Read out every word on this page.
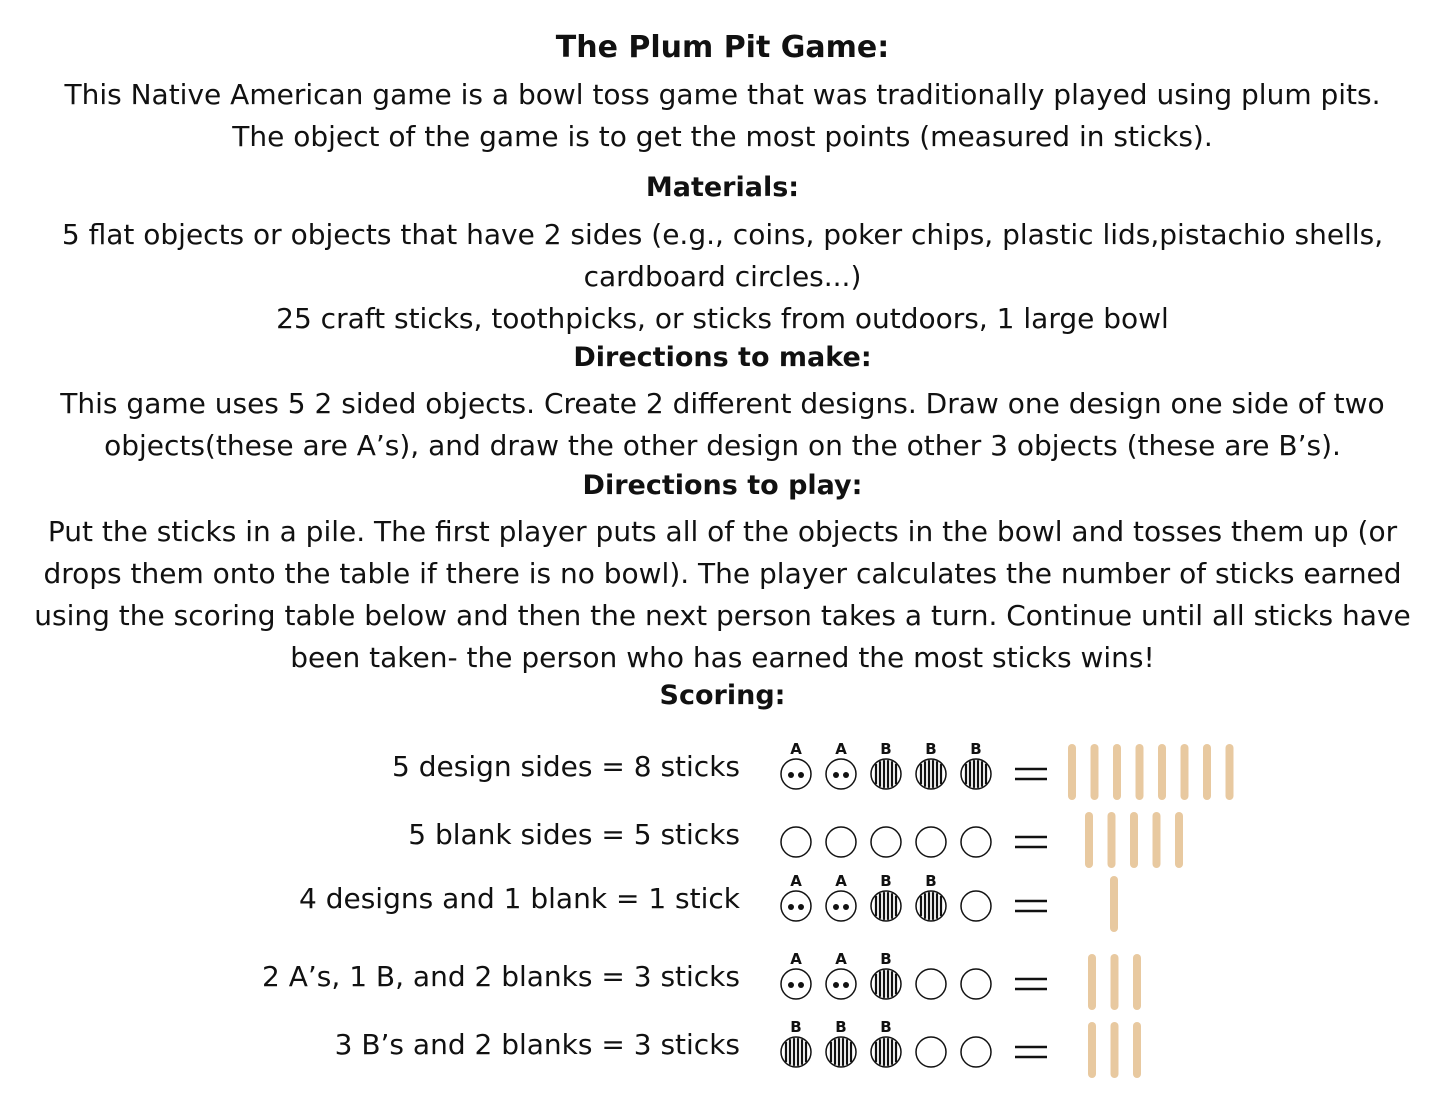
The Plum Pit Game:

This Native American game is a bowl toss game that was traditionally played using plum pits. The object of the game is to get the most points (measured in sticks).

Materials:

5 flat objects or objects that have 2 sides (e.g., coins, poker chips, plastic lids,pistachio shells, cardboard circles...)

25 craft sticks, toothpicks, or sticks from outdoors, 1 large bowl

Directions to make:

This game uses 5 2 sided objects. Create 2 different designs. Draw one design one side of two objects(these are A’s), and draw the other design on the other 3 objects (these are B’s).

Directions to play:

Put the sticks in a pile. The first player puts all of the objects in the bowl and tosses them up (or drops them onto the table if there is no bowl). The player calculates the number of sticks earned using the scoring table below and then the next person takes a turn. Continue until all sticks have been taken- the person who has earned the most sticks wins!

Scoring:
5 design sides = 8 sticks
A A B B B
5 blank sides = 5 sticks
4 designs and 1 blank = 1 stick
A A B B
2 A’s, 1 B, and 2 blanks = 3 sticks
A A B
3 B’s and 2 blanks = 3 sticks
B B B
